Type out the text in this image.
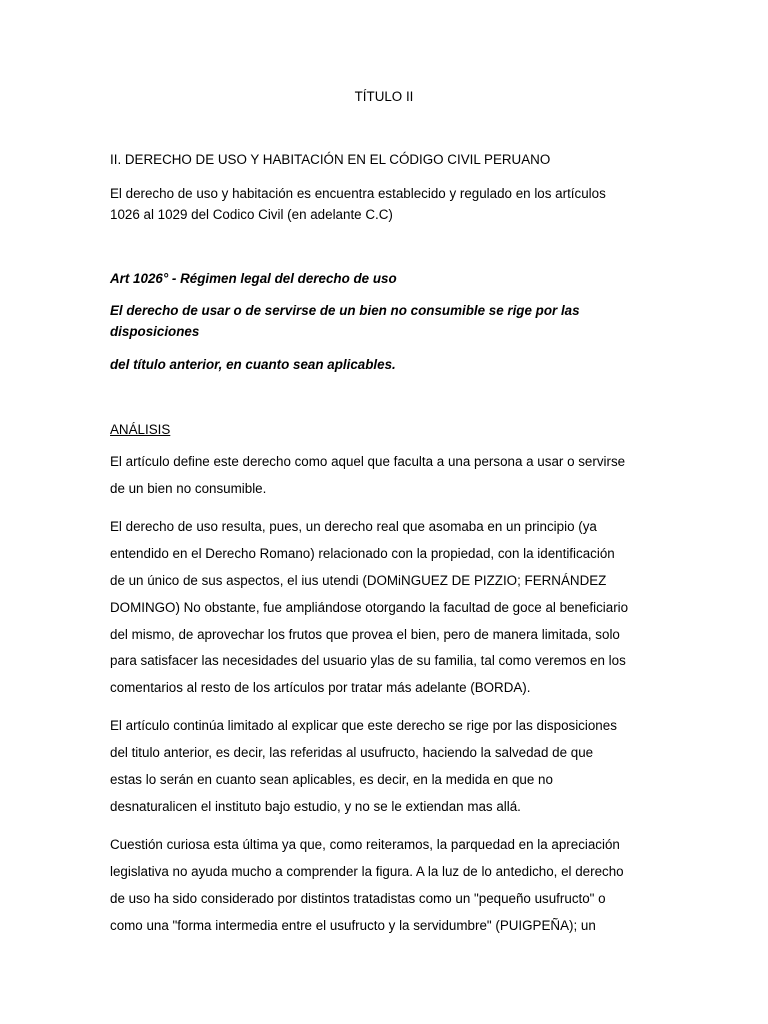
TÍTULO II

II. DERECHO DE USO Y HABITACIÓN EN EL CÓDIGO CIVIL PERUANO

El derecho de uso y habitación es encuentra establecido y regulado en los artículos

1026 al 1029 del Codico Civil (en adelante C.C)

Art 1026° - Régimen legal del derecho de uso

El derecho de usar o de servirse de un bien no consumible se rige por las

disposiciones

del título anterior, en cuanto sean aplicables.

ANÁLISIS

El artículo define este derecho como aquel que faculta a una persona a usar o servirse

de un bien no consumible.

El derecho de uso resulta, pues, un derecho real que asomaba en un principio (ya

entendido en el Derecho Romano) relacionado con la propiedad, con la identificación

de un único de sus aspectos, el ius utendi (DOMiNGUEZ DE PIZZIO; FERNÁNDEZ

DOMINGO) No obstante, fue ampliándose otorgando la facultad de goce al beneficiario

del mismo, de aprovechar los frutos que provea el bien, pero de manera limitada, solo

para satisfacer las necesidades del usuario ylas de su familia, tal como veremos en los

comentarios al resto de los artículos por tratar más adelante (BORDA).

El artículo continúa limitado al explicar que este derecho se rige por las disposiciones

del titulo anterior, es decir, las referidas al usufructo, haciendo la salvedad de que

estas lo serán en cuanto sean aplicables, es decir, en la medida en que no

desnaturalicen el instituto bajo estudio, y no se le extiendan mas allá.

Cuestión curiosa esta última ya que, como reiteramos, la parquedad en la apreciación

legislativa no ayuda mucho a comprender la figura. A la luz de lo antedicho, el derecho

de uso ha sido considerado por distintos tratadistas como un "pequeño usufructo" o

como una "forma intermedia entre el usufructo y la servidumbre" (PUIGPEÑA); un
